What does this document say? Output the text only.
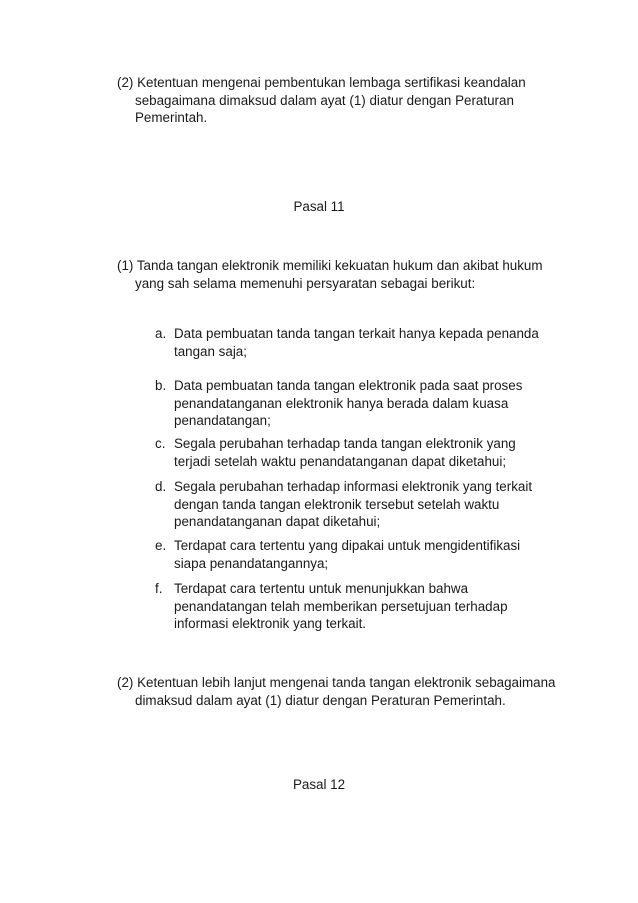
(2) Ketentuan mengenai pembentukan lembaga sertifikasi keandalan
sebagaimana dimaksud dalam ayat (1) diatur dengan Peraturan
Pemerintah.

Pasal 11

(1) Tanda tangan elektronik memiliki kekuatan hukum dan akibat hukum
yang sah selama memenuhi persyaratan sebagai berikut:

a. Data pembuatan tanda tangan terkait hanya kepada penanda
tangan saja;
b. Data pembuatan tanda tangan elektronik pada saat proses
penandatanganan elektronik hanya berada dalam kuasa
penandatangan;
c. Segala perubahan terhadap tanda tangan elektronik yang
terjadi setelah waktu penandatanganan dapat diketahui;
d. Segala perubahan terhadap informasi elektronik yang terkait
dengan tanda tangan elektronik tersebut setelah waktu
penandatanganan dapat diketahui;
e. Terdapat cara tertentu yang dipakai untuk mengidentifikasi
siapa penandatangannya;
f. Terdapat cara tertentu untuk menunjukkan bahwa
penandatangan telah memberikan persetujuan terhadap
informasi elektronik yang terkait.

(2) Ketentuan lebih lanjut mengenai tanda tangan elektronik sebagaimana
dimaksud dalam ayat (1) diatur dengan Peraturan Pemerintah.

Pasal 12
